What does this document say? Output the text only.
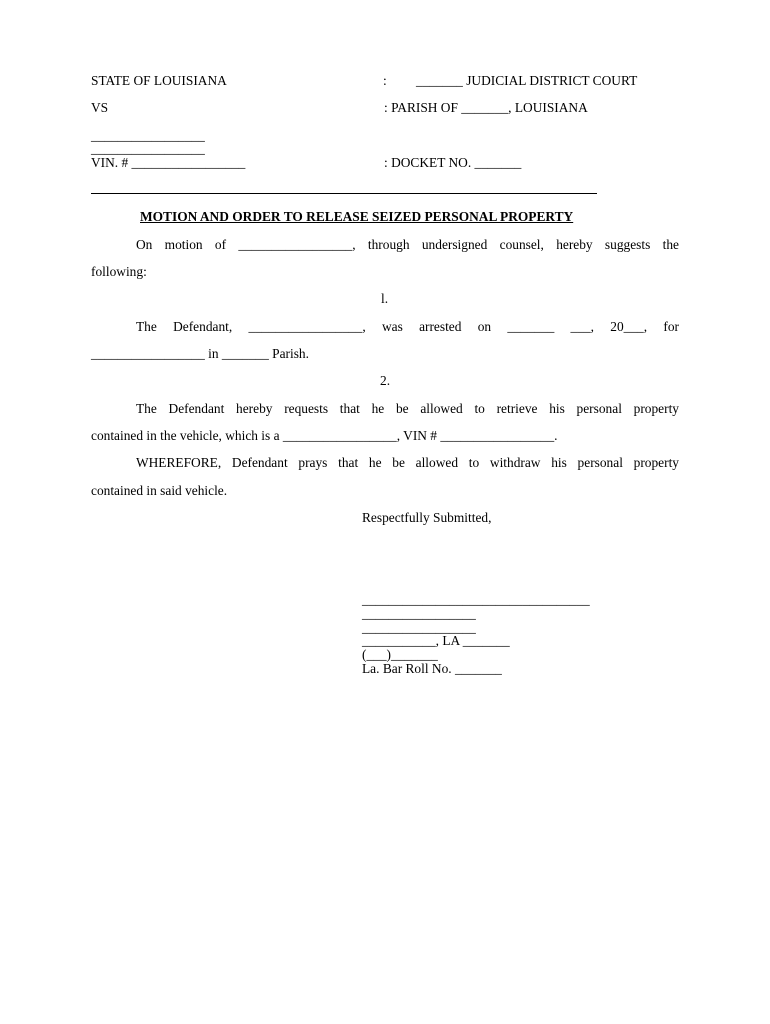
STATE OF LOUISIANA	: _______ JUDICIAL DISTRICT COURT
VS	: PARISH OF _______, LOUISIANA
_________________
_________________
VIN. # _________________	: DOCKET NO. _______
MOTION AND ORDER TO RELEASE SEIZED PERSONAL PROPERTY
On motion of _________________, through undersigned counsel, hereby suggests the
following:
l.
The Defendant, _________________, was arrested on _______ ___, 20___, for
_________________ in _______ Parish.
2.
The Defendant hereby requests that he be allowed to retrieve his personal property
contained in the vehicle, which is a _________________, VIN # _________________.
WHEREFORE, Defendant prays that he be allowed to withdraw his personal property
contained in said vehicle.
Respectfully Submitted,
__________________________________
_________________
_________________
___________, LA _______
(___)_______
La. Bar Roll No. _______
